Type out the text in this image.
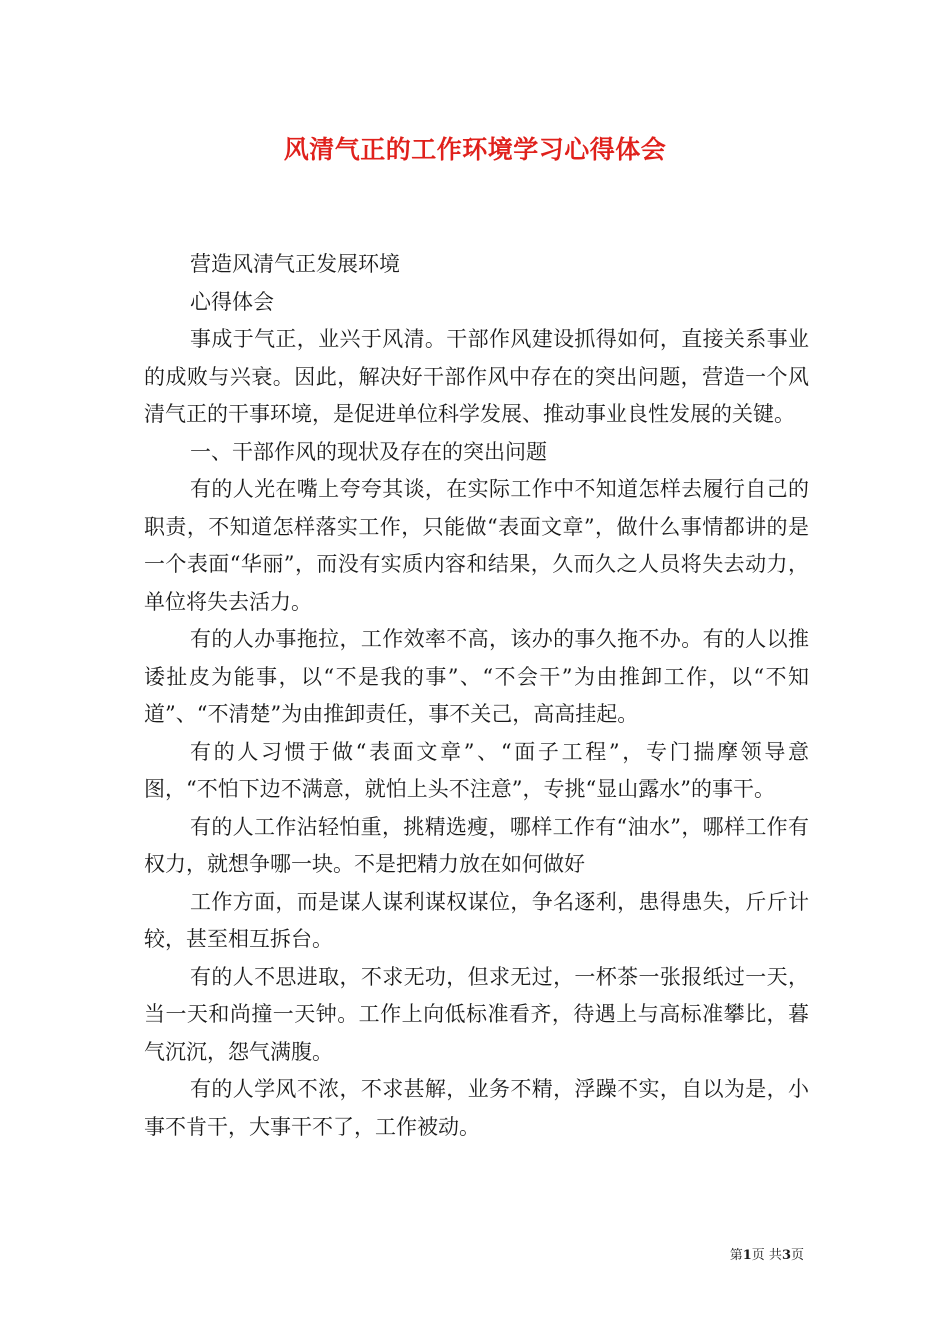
风清气正的工作环境学习心得体会

营造风清气正发展环境

心得体会

事成于气正，业兴于风清。干部作风建设抓得如何，直接关系事业的成败与兴衰。因此，解决好干部作风中存在的突出问题，营造一个风清气正的干事环境，是促进单位科学发展、推动事业良性发展的关键。

一、干部作风的现状及存在的突出问题

有的人光在嘴上夸夸其谈，在实际工作中不知道怎样去履行自己的职责，不知道怎样落实工作，只能做“表面文章”，做什么事情都讲的是一个表面“华丽”，而没有实质内容和结果，久而久之人员将失去动力，单位将失去活力。

有的人办事拖拉，工作效率不高，该办的事久拖不办。有的人以推诿扯皮为能事，以“不是我的事”、“不会干”为由推卸工作，以“不知道”、“不清楚”为由推卸责任，事不关己，高高挂起。

有的人习惯于做“表面文章”、“面子工程”，专门揣摩领导意图，“不怕下边不满意，就怕上头不注意”，专挑“显山露水”的事干。

有的人工作沾轻怕重，挑精选瘦，哪样工作有“油水”，哪样工作有权力，就想争哪一块。不是把精力放在如何做好

工作方面，而是谋人谋利谋权谋位，争名逐利，患得患失，斤斤计较，甚至相互拆台。

有的人不思进取，不求无功，但求无过，一杯茶一张报纸过一天，当一天和尚撞一天钟。工作上向低标准看齐，待遇上与高标准攀比，暮气沉沉，怨气满腹。

有的人学风不浓，不求甚解，业务不精，浮躁不实，自以为是，小事不肯干，大事干不了，工作被动。

第1页 共3页
